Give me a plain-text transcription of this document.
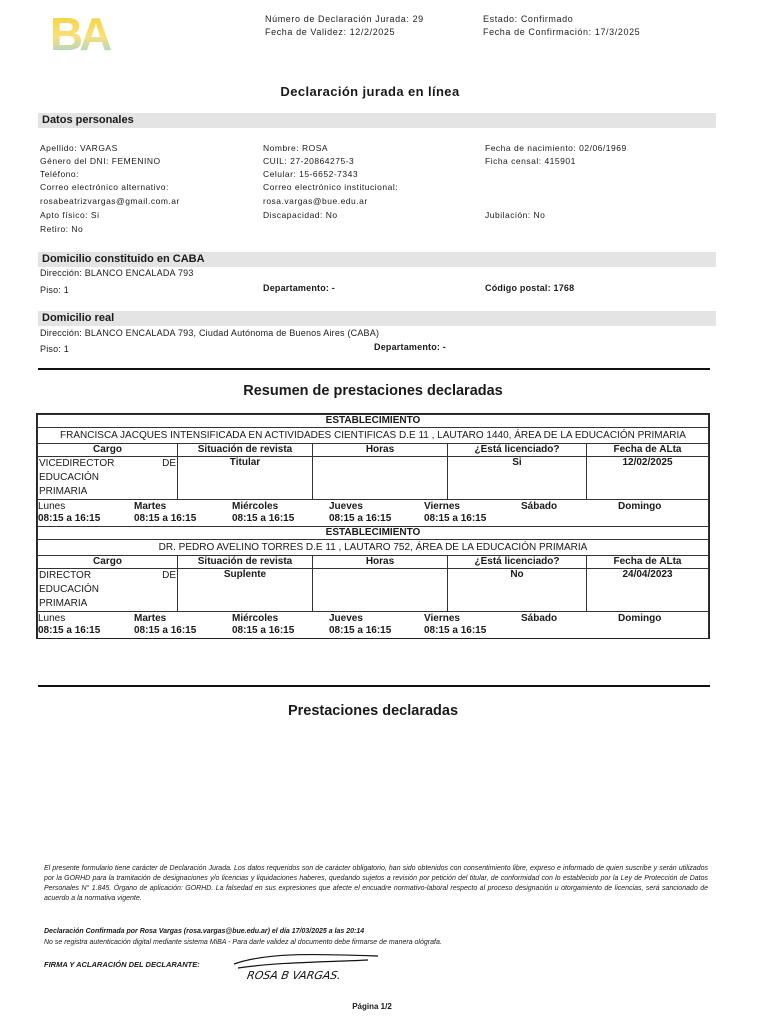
BA	Número de Declaración Jurada: 29
Fecha de Validez: 12/2/2025
Estado: Confirmado
Fecha de Confirmación: 17/3/2025
Declaración jurada en línea
Datos personales
Apellido: VARGAS	Nombre: ROSA	Fecha de nacimiento: 02/06/1969
Género del DNI: FEMENINO	CUIL: 27-20864275-3	Ficha censal: 415901
Teléfono:	Celular: 15-6652-7343
Correo electrónico alternativo:	Correo electrónico institucional:
rosabeatrizvargas@gmail.com.ar	rosa.vargas@bue.edu.ar
Apto físico: Si	Discapacidad: No	Jubilación: No
Retiro: No
Domicilio constituido en CABA
Dirección: BLANCO ENCALADA 793
Piso: 1	Departamento: -	Código postal: 1768
Domicilio real
Dirección: BLANCO ENCALADA 793, Ciudad Autónoma de Buenos Aires (CABA)
Piso: 1	Departamento: -
Resumen de prestaciones declaradas
ESTABLECIMIENTO				
FRANCISCA JACQUES INTENSIFICADA EN ACTIVIDADES CIENTIFICAS D.E 11 , LAUTARO 1440, ÁREA DE LA EDUCACIÓN PRIMARIA				
Cargo	Situación de revista	Horas	¿Está licenciado?	Fecha de ALta

VICEDIRECTOR DE
EDUCACIÓN
PRIMARIA	Titular		Si	12/02/2025
Lunes	Martes	Miércoles	Jueves	Viernes	Sábado	Domingo
08:15 a 16:15	08:15 a 16:15	08:15 a 16:15	08:15 a 16:15	08:15 a 16:15
ESTABLECIMIENTO				
DR. PEDRO AVELINO TORRES D.E 11 , LAUTARO 752, ÁREA DE LA EDUCACIÓN PRIMARIA				
Cargo	Situación de revista	Horas	¿Está licenciado?	Fecha de ALta

DIRECTOR DE
EDUCACIÓN
PRIMARIA	Suplente		No	24/04/2023
Lunes	Martes	Miércoles	Jueves	Viernes	Sábado	Domingo
08:15 a 16:15	08:15 a 16:15	08:15 a 16:15	08:15 a 16:15	08:15 a 16:15
Prestaciones declaradas
El presente formulario tiene carácter de Declaración Jurada. Los datos requeridos son de carácter obligatorio, han sido obtenidos con consentimiento libre, expreso e informado de quien suscribe y serán utilizados por la GORHD para la tramitación de designaciones y/o licencias y liquidaciones haberes, quedando sujetos a revisión por petición del titular, de conformidad con lo establecido por la Ley de Protección de Datos Personales N° 1.845. Órgano de aplicación: GORHD. La falsedad en sus expresiones que afecte el encuadre normativo-laboral respecto al proceso designación u otorgamiento de licencias, será sancionado de acuerdo a la normativa vigente.
Declaración Confirmada por Rosa Vargas (rosa.vargas@bue.edu.ar) el día 17/03/2025 a las 20:14
No se registra autenticación digital mediante sistema MiBA - Para darle validez al documento debe firmarse de manera ológrafa.
FIRMA Y ACLARACIÓN DEL DECLARANTE:
ROSA B VARGAS.
Página 1/2
